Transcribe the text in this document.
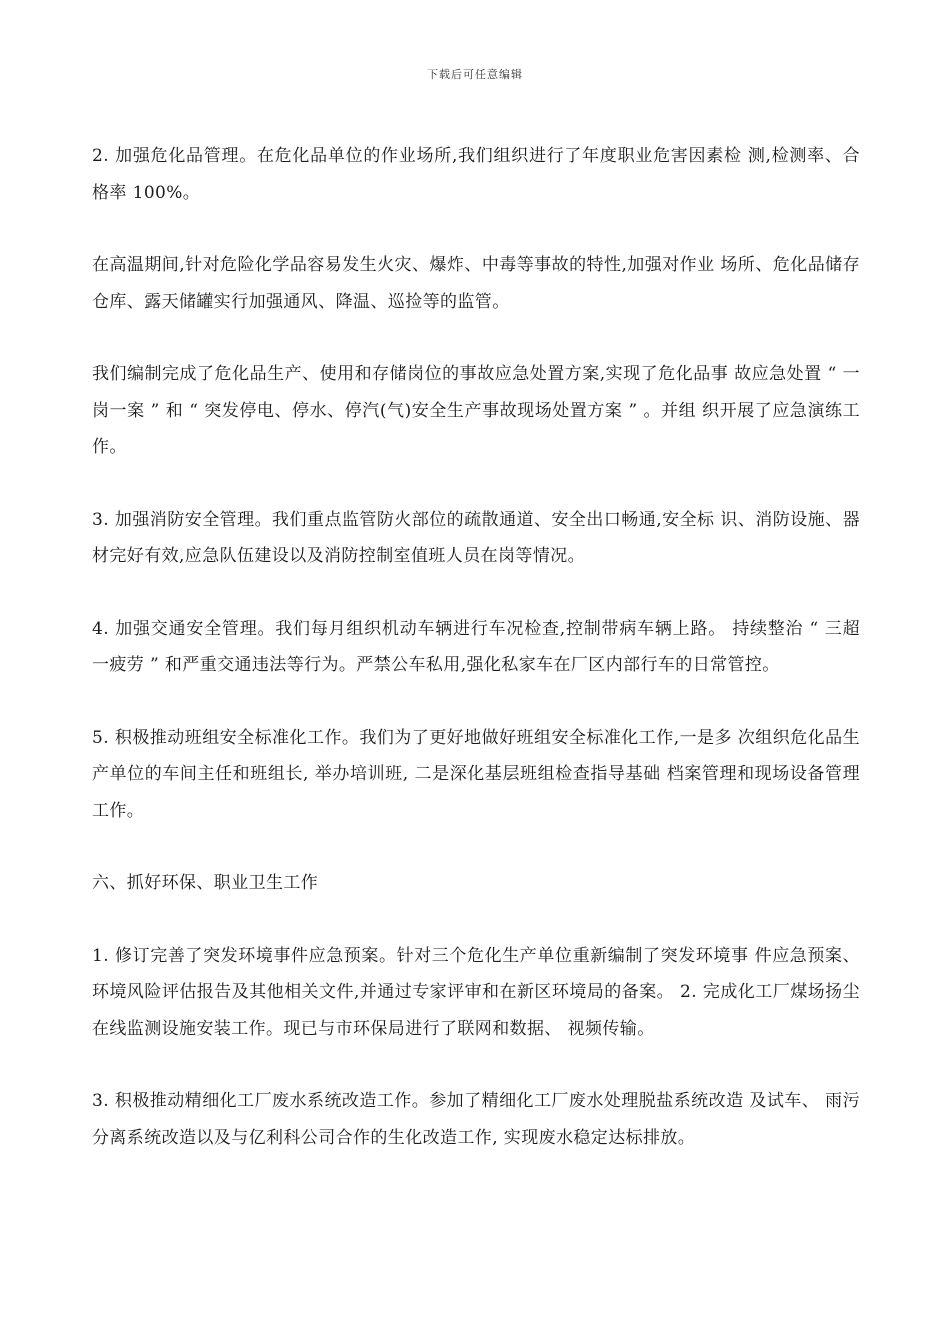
下载后可任意编辑

2. 加强危化品管理。在危化品单位的作业场所,我们组织进行了年度职业危害因素检 测,检测率、合格率 100%。

在高温期间,针对危险化学品容易发生火灾、爆炸、中毒等事故的特性,加强对作业 场所、危化品储存仓库、露天储罐实行加强通风、降温、巡捡等的监管。

我们编制完成了危化品生产、使用和存储岗位的事故应急处置方案,实现了危化品事 故应急处置 “ 一岗一案 ” 和 “ 突发停电、停水、停汽(气)安全生产事故现场处置方案 ” 。并组 织开展了应急演练工作。

3. 加强消防安全管理。我们重点监管防火部位的疏散通道、安全出口畅通,安全标 识、消防设施、器材完好有效,应急队伍建设以及消防控制室值班人员在岗等情况。

4. 加强交通安全管理。我们每月组织机动车辆进行车况检查,控制带病车辆上路。 持续整治 “ 三超一疲劳 ” 和严重交通违法等行为。严禁公车私用,强化私家车在厂区内部行车的日常管控。

5. 积极推动班组安全标准化工作。我们为了更好地做好班组安全标准化工作,一是多 次组织危化品生产单位的车间主任和班组长, 举办培训班, 二是深化基层班组检查指导基础 档案管理和现场设备管理工作。

六、抓好环保、职业卫生工作

1. 修订完善了突发环境事件应急预案。针对三个危化生产单位重新编制了突发环境事 件应急预案、环境风险评估报告及其他相关文件,并通过专家评审和在新区环境局的备案。 2. 完成化工厂煤场扬尘在线监测设施安装工作。现已与市环保局进行了联网和数据、 视频传输。

3. 积极推动精细化工厂废水系统改造工作。参加了精细化工厂废水处理脱盐系统改造 及试车、 雨污分离系统改造以及与亿利科公司合作的生化改造工作, 实现废水稳定达标排放。
